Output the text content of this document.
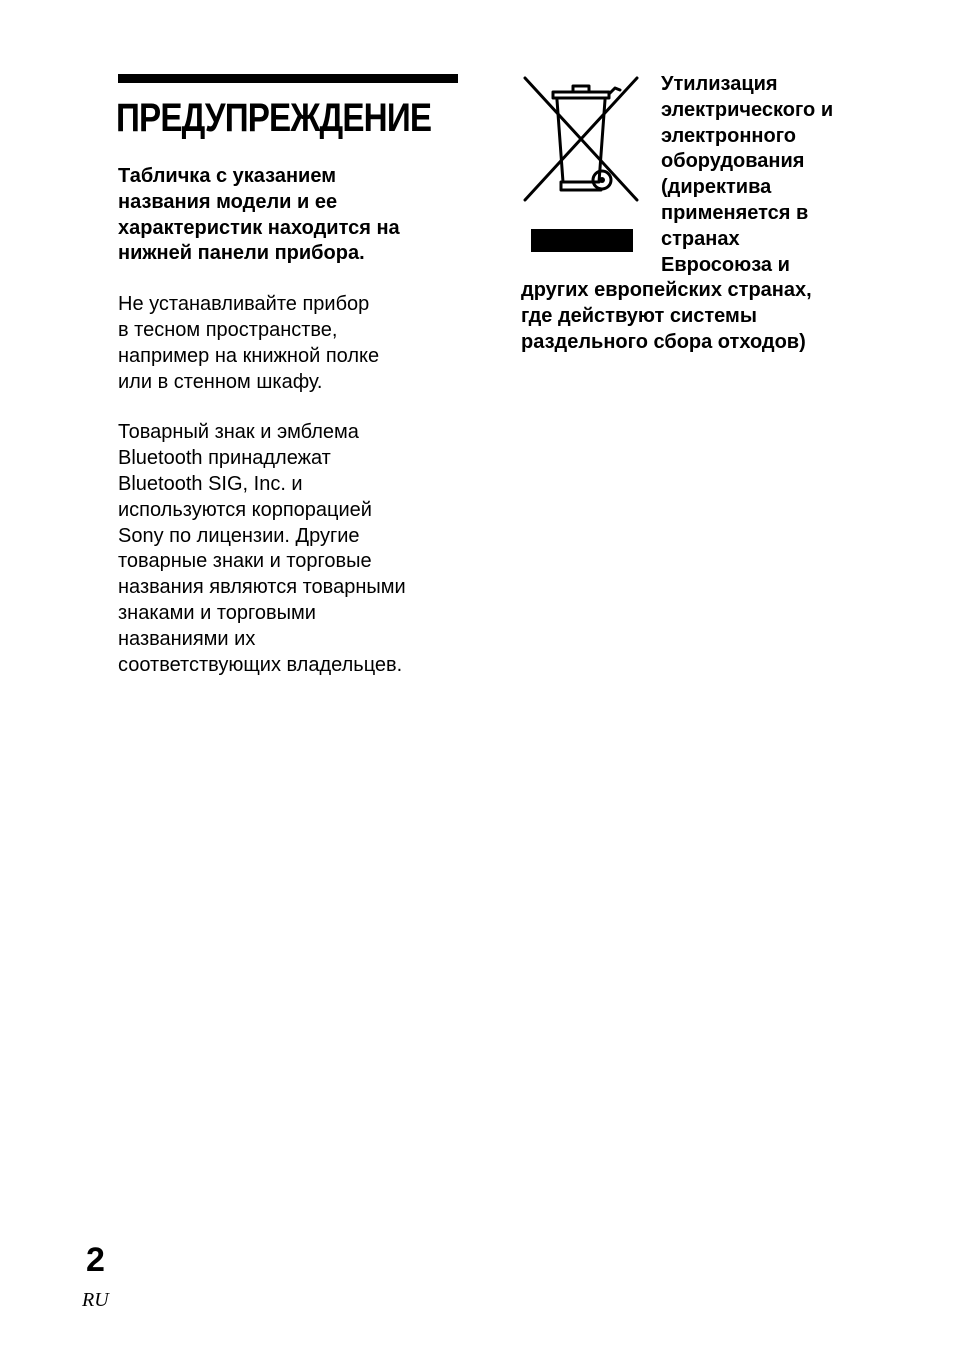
ПРЕДУПРЕЖДЕНИЕ

Табличка с указанием
названия модели и ее
характеристик находится на
нижней панели прибора.

Не устанавливайте прибор
в тесном пространстве,
например на книжной полке
или в стенном шкафу.

Товарный знак и эмблема
Bluetooth принадлежат
Bluetooth SIG, Inc. и
используются корпорацией
Sony по лицензии. Другие
товарные знаки и торговые
названия являются товарными
знаками и торговыми
названиями их
соответствующих владельцев.

Утилизация
электрического и
электронного
оборудования
(директива
применяется в
странах
Евросоюза и
других европейских странах,
где действуют системы
раздельного сбора отходов)
2
RU
